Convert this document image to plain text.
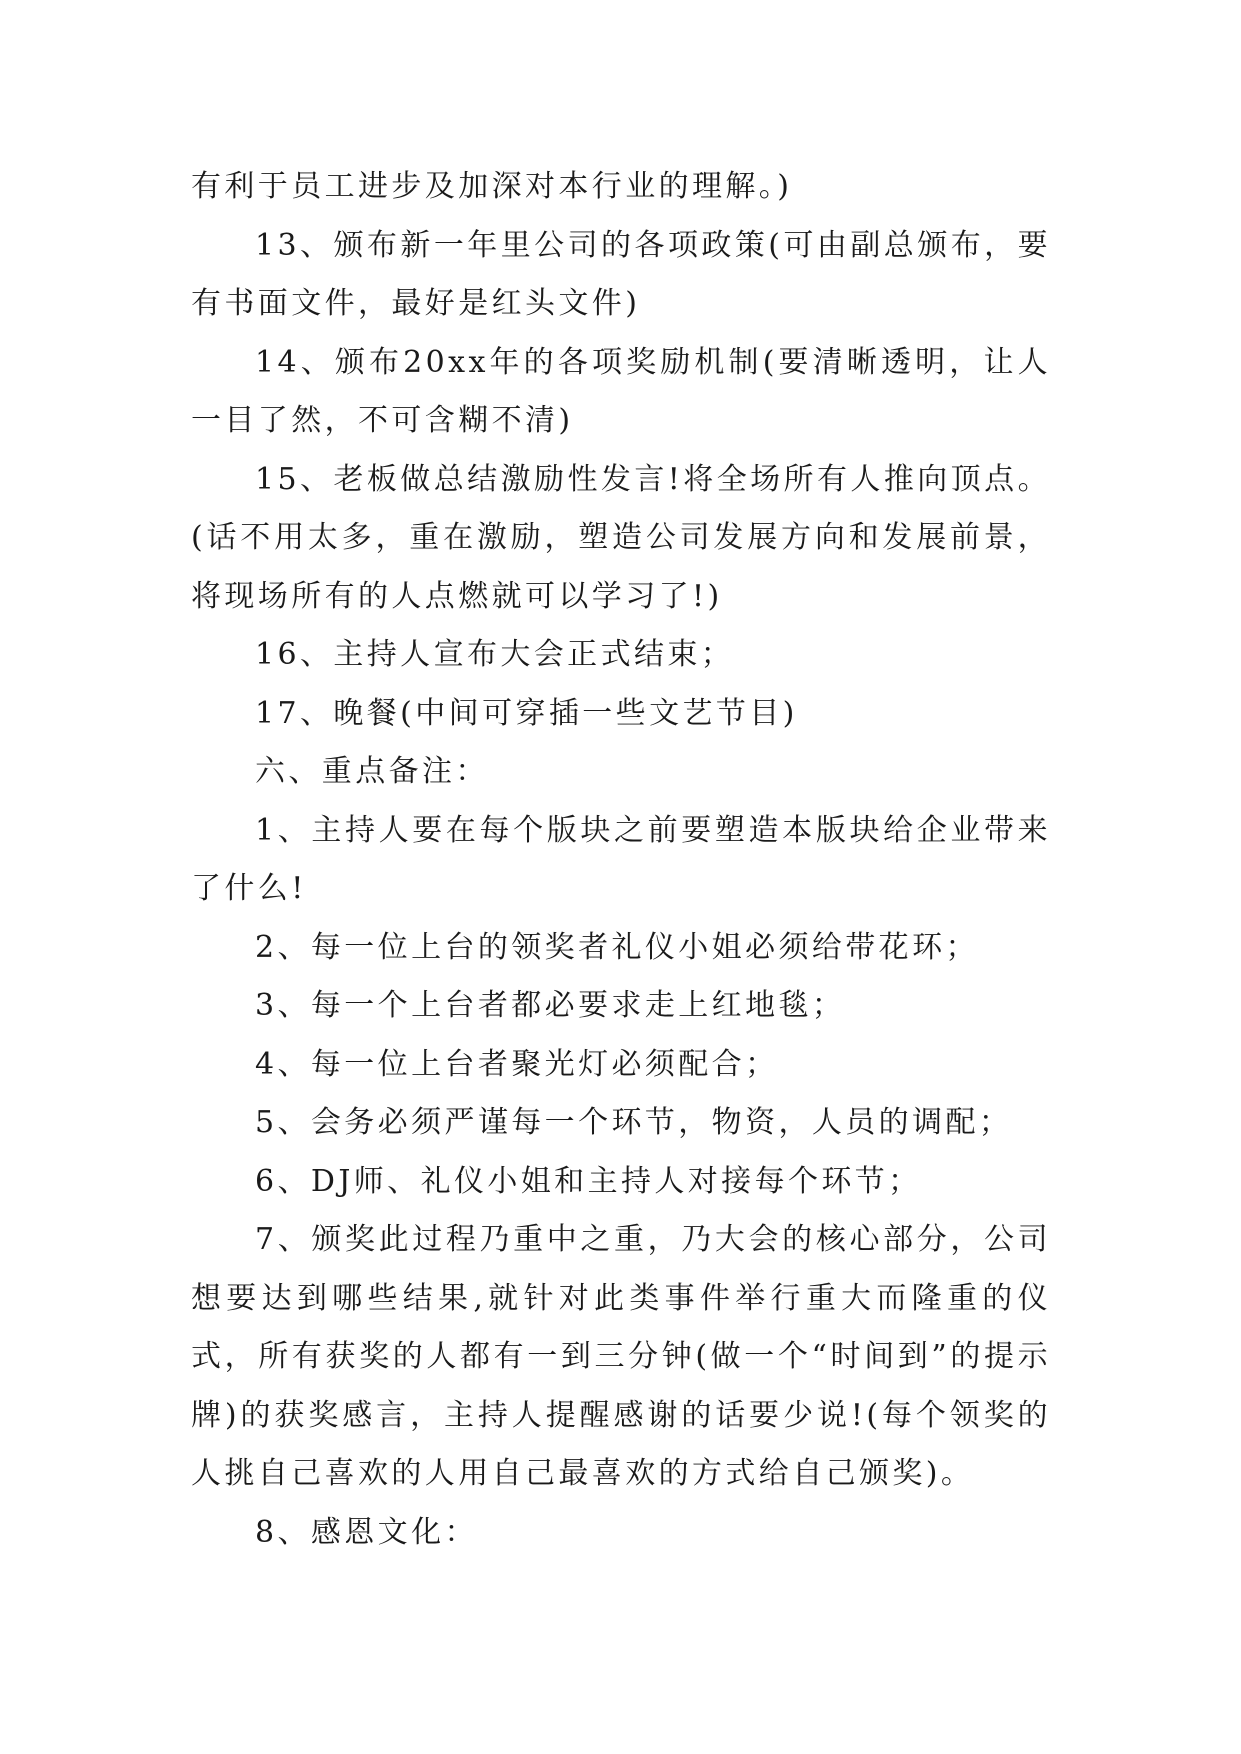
有利于员工进步及加深对本行业的理解。)

13、颁布新一年里公司的各项政策(可由副总颁布，要有书面文件，最好是红头文件)

14、颁布20xx年的各项奖励机制(要清晰透明，让人一目了然，不可含糊不清)

15、老板做总结激励性发言!将全场所有人推向顶点。(话不用太多，重在激励，塑造公司发展方向和发展前景，将现场所有的人点燃就可以学习了!)

16、主持人宣布大会正式结束；

17、晚餐(中间可穿插一些文艺节目)

六、重点备注：

1、主持人要在每个版块之前要塑造本版块给企业带来了什么!

2、每一位上台的领奖者礼仪小姐必须给带花环；

3、每一个上台者都必要求走上红地毯；

4、每一位上台者聚光灯必须配合；

5、会务必须严谨每一个环节，物资，人员的调配；

6、DJ师、礼仪小姐和主持人对接每个环节；

7、颁奖此过程乃重中之重，乃大会的核心部分，公司想要达到哪些结果,就针对此类事件举行重大而隆重的仪式，所有获奖的人都有一到三分钟(做一个“时间到”的提示牌)的获奖感言，主持人提醒感谢的话要少说!(每个领奖的人挑自己喜欢的人用自己最喜欢的方式给自己颁奖)。

8、感恩文化：
